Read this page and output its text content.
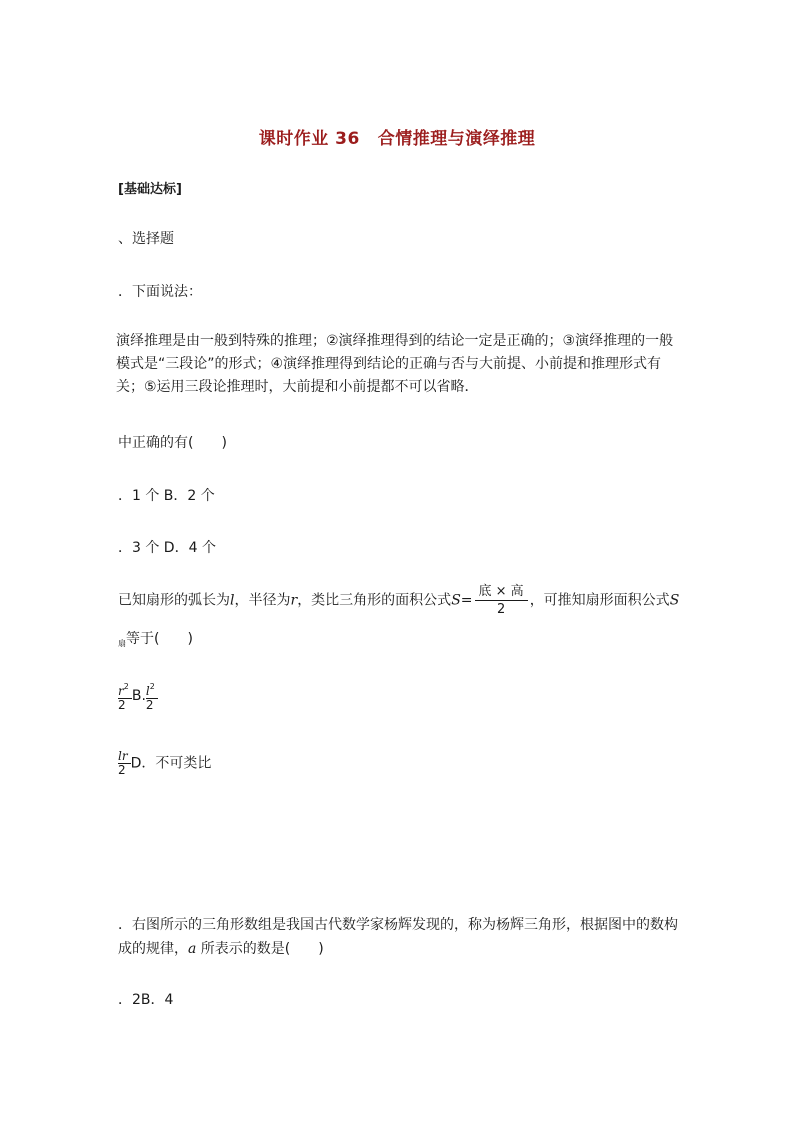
课时作业 36 合情推理与演绎推理
[基础达标]
、选择题
．下面说法：
演绎推理是由一般到特殊的推理；②演绎推理得到的结论一定是正确的；③演绎推理的一般模式是“三段论”的形式；④演绎推理得到结论的正确与否与大前提、小前提和推理形式有关；⑤运用三段论推理时，大前提和小前提都不可以省略．
中正确的有(　　)
．1 个 B．2 个
．3 个 D．4 个
已知扇形的弧长为l，半径为r，类比三角形的面积公式$S= \frac{\text{底 × 高}}{2}$ ，可推知扇形面积公式S
$_扇$等于(　　)
$\frac{r^2}{2} B$. $\frac{l^2}{2}$
$\frac{lr}{2}$ D．不可类比
．右图所示的三角形数组是我国古代数学家杨辉发现的，称为杨辉三角形，根据图中的数构
成的规律，a 所表示的数是(　　)
．2B．4
